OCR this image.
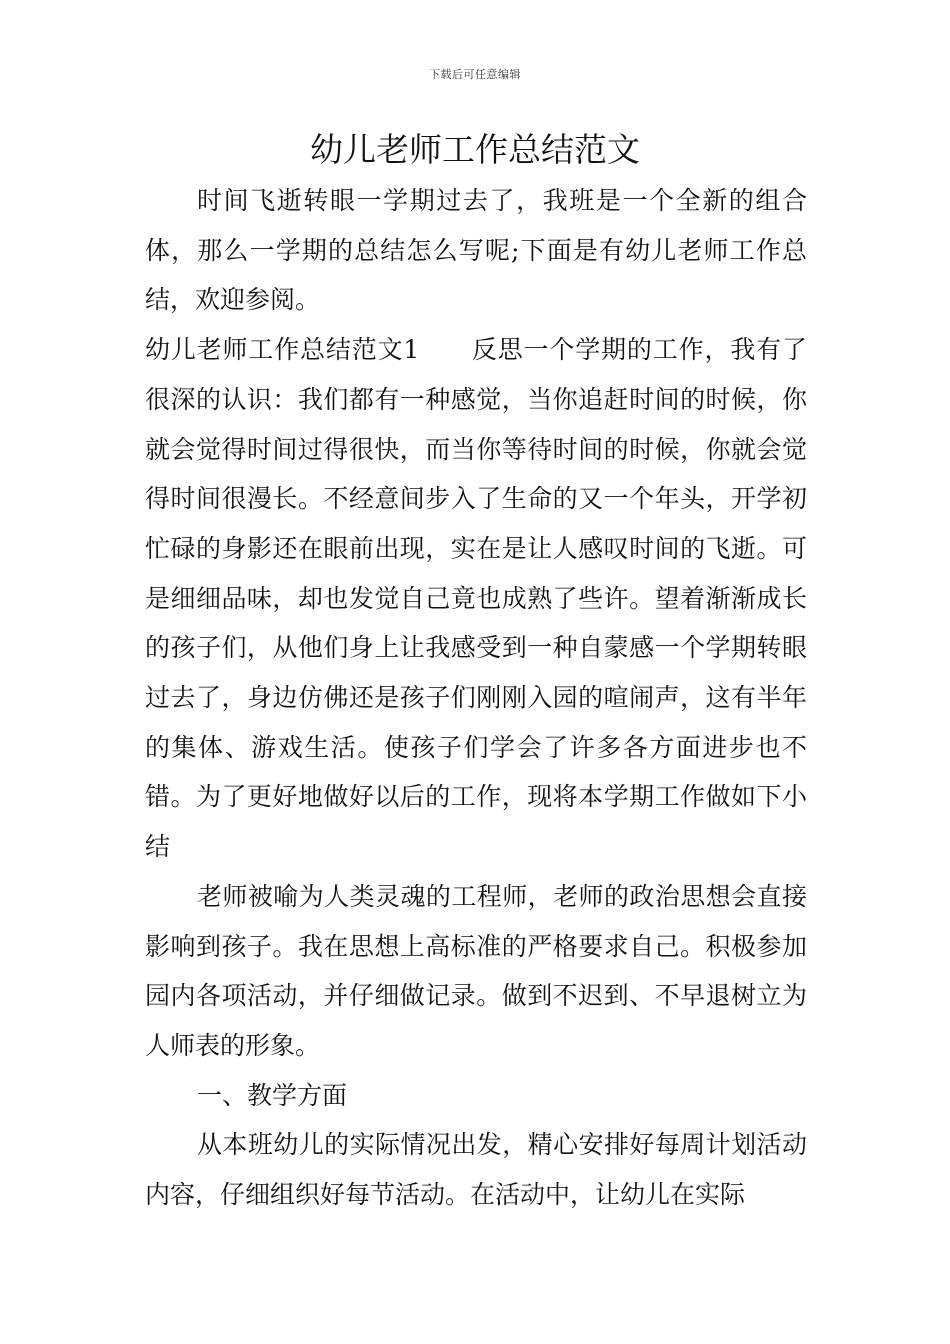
下载后可任意编辑
幼儿老师工作总结范文

时间飞逝转眼一学期过去了，我班是一个全新的组合体，那么一学期的总结怎么写呢;下面是有幼儿老师工作总结，欢迎参阅。

幼儿老师工作总结范文1　　反思一个学期的工作，我有了很深的认识：我们都有一种感觉，当你追赶时间的时候，你就会觉得时间过得很快，而当你等待时间的时候，你就会觉得时间很漫长。不经意间步入了生命的又一个年头，开学初忙碌的身影还在眼前出现，实在是让人感叹时间的飞逝。可是细细品味，却也发觉自己竟也成熟了些许。望着渐渐成长的孩子们，从他们身上让我感受到一种自蒙感一个学期转眼过去了，身边仿佛还是孩子们刚刚入园的喧闹声，这有半年的集体、游戏生活。使孩子们学会了许多各方面进步也不错。为了更好地做好以后的工作，现将本学期工作做如下小结

老师被喻为人类灵魂的工程师，老师的政治思想会直接影响到孩子。我在思想上高标准的严格要求自己。积极参加园内各项活动，并仔细做记录。做到不迟到、不早退树立为人师表的形象。

一、教学方面

从本班幼儿的实际情况出发，精心安排好每周计划活动内容，仔细组织好每节活动。在活动中，让幼儿在实际
